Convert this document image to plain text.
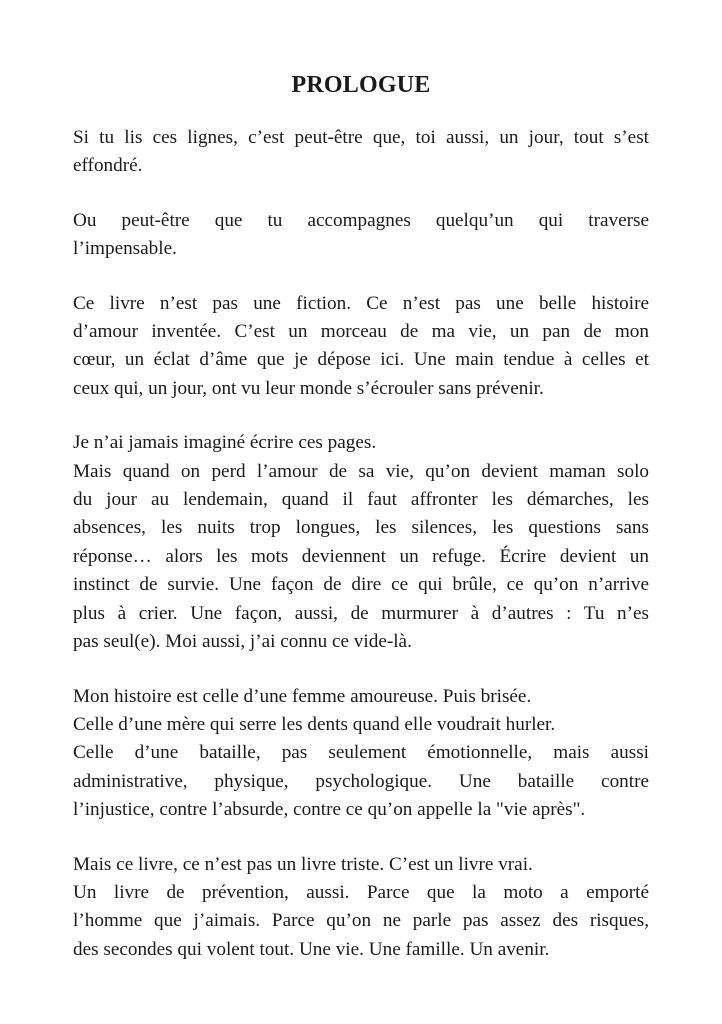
PROLOGUE

Si tu lis ces lignes, c’est peut-être que, toi aussi, un jour, tout s’est
effondré.

Ou peut-être que tu accompagnes quelqu’un qui traverse
l’impensable.

Ce livre n’est pas une fiction. Ce n’est pas une belle histoire
d’amour inventée. C’est un morceau de ma vie, un pan de mon
cœur, un éclat d’âme que je dépose ici. Une main tendue à celles et
ceux qui, un jour, ont vu leur monde s’écrouler sans prévenir.

Je n’ai jamais imaginé écrire ces pages.
Mais quand on perd l’amour de sa vie, qu’on devient maman solo
du jour au lendemain, quand il faut affronter les démarches, les
absences, les nuits trop longues, les silences, les questions sans
réponse… alors les mots deviennent un refuge. Écrire devient un
instinct de survie. Une façon de dire ce qui brûle, ce qu’on n’arrive
plus à crier. Une façon, aussi, de murmurer à d’autres : Tu n’es
pas seul(e). Moi aussi, j’ai connu ce vide-là.

Mon histoire est celle d’une femme amoureuse. Puis brisée.
Celle d’une mère qui serre les dents quand elle voudrait hurler.
Celle d’une bataille, pas seulement émotionnelle, mais aussi
administrative, physique, psychologique. Une bataille contre
l’injustice, contre l’absurde, contre ce qu’on appelle la "vie après".

Mais ce livre, ce n’est pas un livre triste. C’est un livre vrai.
Un livre de prévention, aussi. Parce que la moto a emporté
l’homme que j’aimais. Parce qu’on ne parle pas assez des risques,
des secondes qui volent tout. Une vie. Une famille. Un avenir.
